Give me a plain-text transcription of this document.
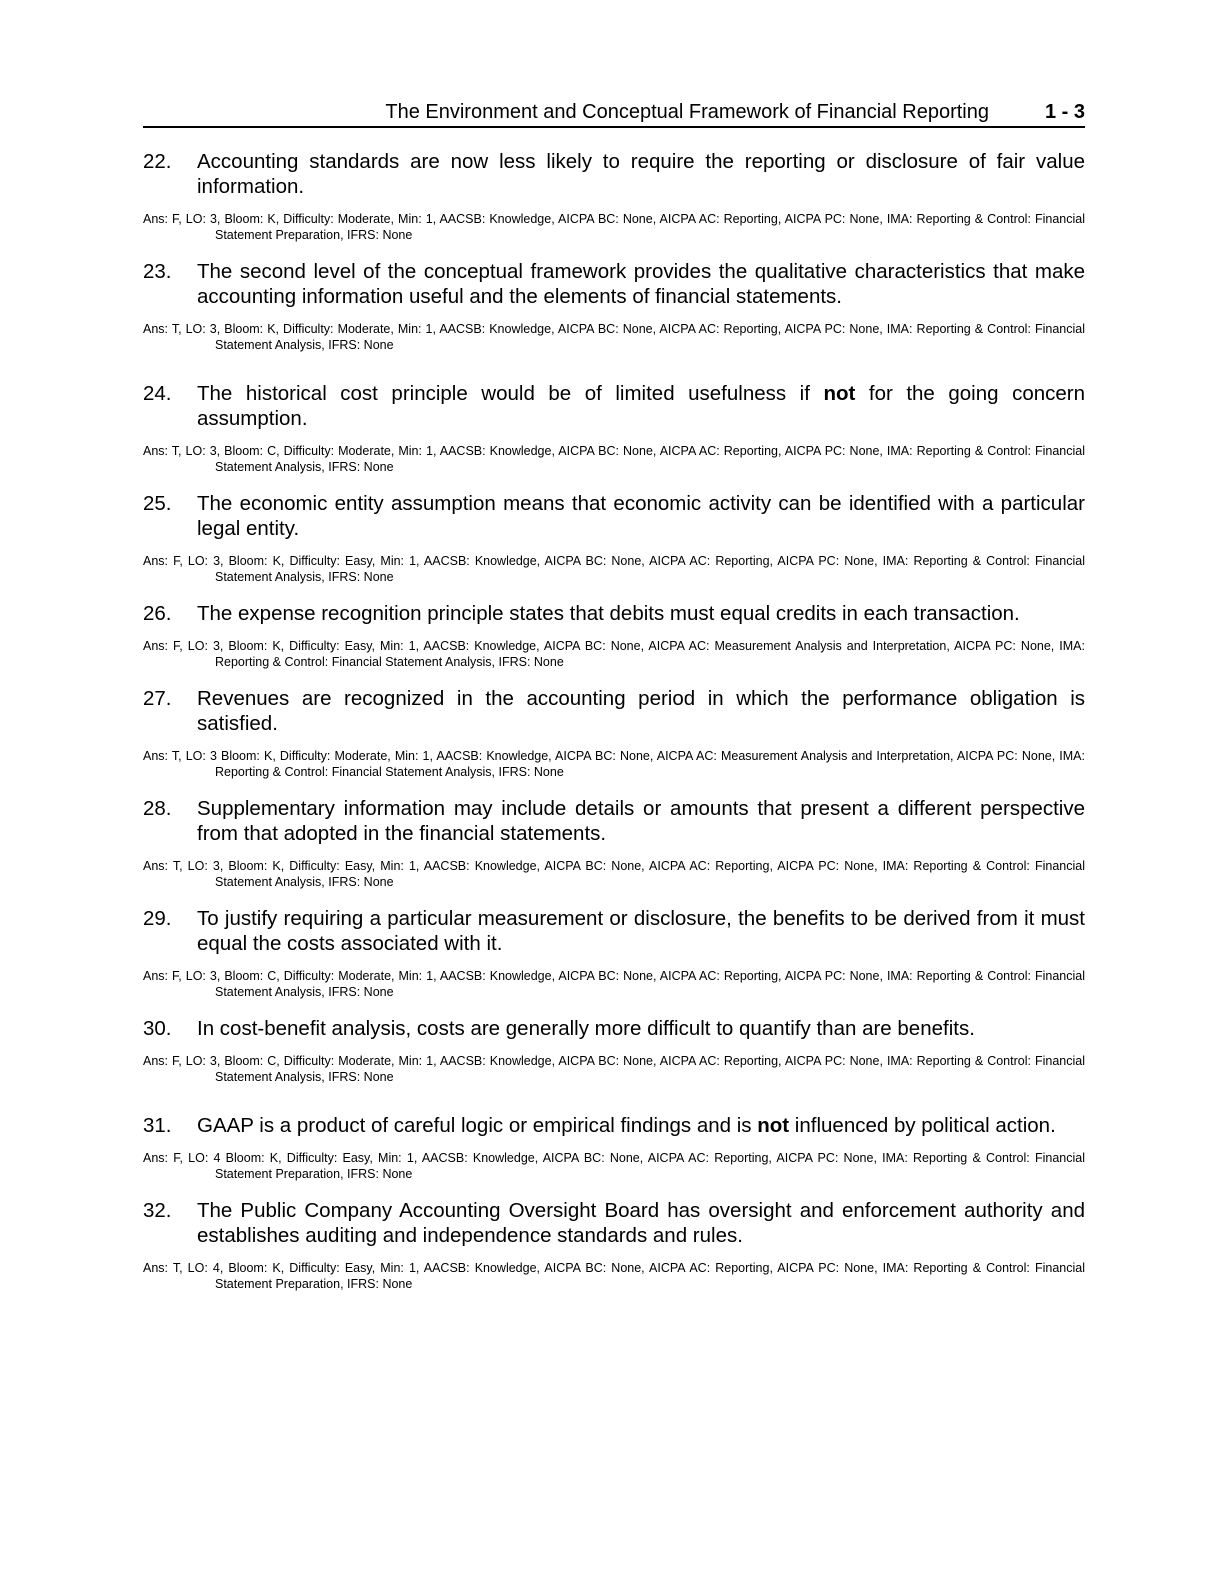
The Environment and Conceptual Framework of Financial Reporting	1 - 3
22.	Accounting standards are now less likely to require the reporting or disclosure of fair value information.
Ans: F, LO: 3, Bloom: K, Difficulty: Moderate, Min: 1, AACSB: Knowledge, AICPA BC: None, AICPA AC: Reporting, AICPA PC: None, IMA: Reporting & Control: Financial Statement Preparation, IFRS: None
23.	The second level of the conceptual framework provides the qualitative characteristics that make accounting information useful and the elements of financial statements.
Ans: T, LO: 3, Bloom: K, Difficulty: Moderate, Min: 1, AACSB: Knowledge, AICPA BC: None, AICPA AC: Reporting, AICPA PC: None, IMA: Reporting & Control: Financial Statement Analysis, IFRS: None
24.	The historical cost principle would be of limited usefulness if not for the going concern assumption.
Ans: T, LO: 3, Bloom: C, Difficulty: Moderate, Min: 1, AACSB: Knowledge, AICPA BC: None, AICPA AC: Reporting, AICPA PC: None, IMA: Reporting & Control: Financial Statement Analysis, IFRS: None
25.	The economic entity assumption means that economic activity can be identified with a particular legal entity.
Ans: F, LO: 3, Bloom: K, Difficulty: Easy, Min: 1, AACSB: Knowledge, AICPA BC: None, AICPA AC: Reporting, AICPA PC: None, IMA: Reporting & Control: Financial Statement Analysis, IFRS: None
26.	The expense recognition principle states that debits must equal credits in each transaction.
Ans: F, LO: 3, Bloom: K, Difficulty: Easy, Min: 1, AACSB: Knowledge, AICPA BC: None, AICPA AC: Measurement Analysis and Interpretation, AICPA PC: None, IMA: Reporting & Control: Financial Statement Analysis, IFRS: None
27.	Revenues are recognized in the accounting period in which the performance obligation is satisfied.
Ans: T, LO: 3 Bloom: K, Difficulty: Moderate, Min: 1, AACSB: Knowledge, AICPA BC: None, AICPA AC: Measurement Analysis and Interpretation, AICPA PC: None, IMA: Reporting & Control: Financial Statement Analysis, IFRS: None
28.	Supplementary information may include details or amounts that present a different perspective from that adopted in the financial statements.
Ans: T, LO: 3, Bloom: K, Difficulty: Easy, Min: 1, AACSB: Knowledge, AICPA BC: None, AICPA AC: Reporting, AICPA PC: None, IMA: Reporting & Control: Financial Statement Analysis, IFRS: None
29.	To justify requiring a particular measurement or disclosure, the benefits to be derived from it must equal the costs associated with it.
Ans: F, LO: 3, Bloom: C, Difficulty: Moderate, Min: 1, AACSB: Knowledge, AICPA BC: None, AICPA AC: Reporting, AICPA PC: None, IMA: Reporting & Control: Financial Statement Analysis, IFRS: None
30.	In cost-benefit analysis, costs are generally more difficult to quantify than are benefits.
Ans: F, LO: 3, Bloom: C, Difficulty: Moderate, Min: 1, AACSB: Knowledge, AICPA BC: None, AICPA AC: Reporting, AICPA PC: None, IMA: Reporting & Control: Financial Statement Analysis, IFRS: None
31.	GAAP is a product of careful logic or empirical findings and is not influenced by political action.
Ans: F, LO: 4 Bloom: K, Difficulty: Easy, Min: 1, AACSB: Knowledge, AICPA BC: None, AICPA AC: Reporting, AICPA PC: None, IMA: Reporting & Control: Financial Statement Preparation, IFRS: None
32.	The Public Company Accounting Oversight Board has oversight and enforcement authority and establishes auditing and independence standards and rules.
Ans: T, LO: 4, Bloom: K, Difficulty: Easy, Min: 1, AACSB: Knowledge, AICPA BC: None, AICPA AC: Reporting, AICPA PC: None, IMA: Reporting & Control: Financial Statement Preparation, IFRS: None
